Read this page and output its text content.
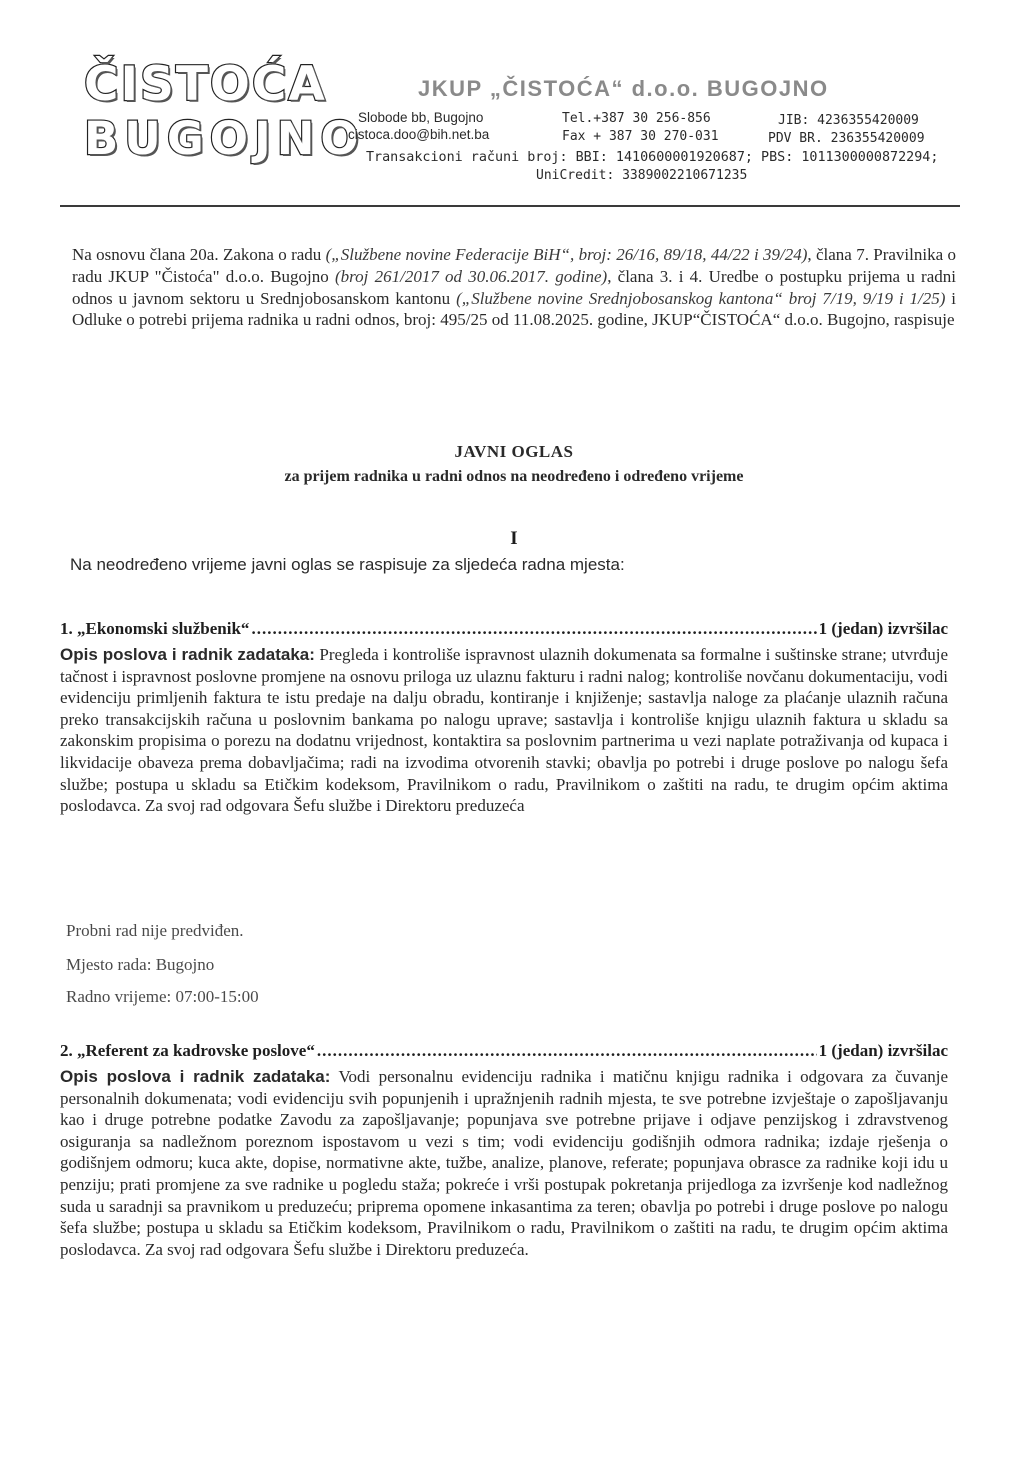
ČISTOĆA
BUGOJNO
JKUP „ČISTOĆA“ d.o.o. BUGOJNO
Slobode bb, Bugojno
cistoca.doo@bih.net.ba
Tel.+387 30 256-856
Fax + 387 30 270-031
JIB: 4236355420009
PDV BR. 236355420009
Transakcioni računi broj: BBI: 1410600001920687; PBS: 1011300000872294;
UniCredit: 3389002210671235
Na osnovu člana 20a. Zakona o radu („Službene novine Federacije BiH“, broj: 26/16, 89/18, 44/22 i 39/24), člana 7. Pravilnika o radu JKUP "Čistoća" d.o.o. Bugojno (broj 261/2017 od 30.06.2017. godine), člana 3. i 4. Uredbe o postupku prijema u radni odnos u javnom sektoru u Srednjobosanskom kantonu („Službene novine Srednjobosanskog kantona“ broj 7/19, 9/19 i 1/25) i Odluke o potrebi prijema radnika u radni odnos, broj: 495/25 od 11.08.2025. godine, JKUP“ČISTOĆA“ d.o.o. Bugojno, raspisuje
JAVNI OGLAS
za prijem radnika u radni odnos na neodređeno i određeno vrijeme
I
Na neodređeno vrijeme javni oglas se raspisuje za sljedeća radna mjesta:
1. „Ekonomski službenik“ .....	1 (jedan) izvršilac
Opis poslova i radnik zadataka: Pregleda i kontroliše ispravnost ulaznih dokumenata sa formalne i suštinske strane; utvrđuje tačnost i ispravnost poslovne promjene na osnovu priloga uz ulaznu fakturu i radni nalog; kontroliše novčanu dokumentaciju, vodi evidenciju primljenih faktura te istu predaje na dalju obradu, kontiranje i knjiženje; sastavlja naloge za plaćanje ulaznih računa preko transakcijskih računa u poslovnim bankama po nalogu uprave; sastavlja i kontroliše knjigu ulaznih faktura u skladu sa zakonskim propisima o porezu na dodatnu vrijednost, kontaktira sa poslovnim partnerima u vezi naplate potraživanja od kupaca i likvidacije obaveza prema dobavljačima; radi na izvodima otvorenih stavki; obavlja po potrebi i druge poslove po nalogu šefa službe; postupa u skladu sa Etičkim kodeksom, Pravilnikom o radu, Pravilnikom o zaštiti na radu, te drugim općim aktima poslodavca. Za svoj rad odgovara Šefu službe i Direktoru preduzeća
Probni rad nije predviđen.
Mjesto rada: Bugojno
Radno vrijeme: 07:00-15:00
2. „Referent za kadrovske poslove“ .....	1 (jedan) izvršilac
Opis poslova i radnik zadataka: Vodi personalnu evidenciju radnika i matičnu knjigu radnika i odgovara za čuvanje personalnih dokumenata; vodi evidenciju svih popunjenih i upražnjenih radnih mjesta, te sve potrebne izvještaje o zapošljavanju kao i druge potrebne podatke Zavodu za zapošljavanje; popunjava sve potrebne prijave i odjave penzijskog i zdravstvenog osiguranja sa nadležnom poreznom ispostavom u vezi s tim; vodi evidenciju godišnjih odmora radnika; izdaje rješenja o godišnjem odmoru; kuca akte, dopise, normativne akte, tužbe, analize, planove, referate; popunjava obrasce za radnike koji idu u penziju; prati promjene za sve radnike u pogledu staža; pokreće i vrši postupak pokretanja prijedloga za izvršenje kod nadležnog suda u saradnji sa pravnikom u preduzeću; priprema opomene inkasantima za teren; obavlja po potrebi i druge poslove po nalogu šefa službe; postupa u skladu sa Etičkim kodeksom, Pravilnikom o radu, Pravilnikom o zaštiti na radu, te drugim općim aktima poslodavca. Za svoj rad odgovara Šefu službe i Direktoru preduzeća.
